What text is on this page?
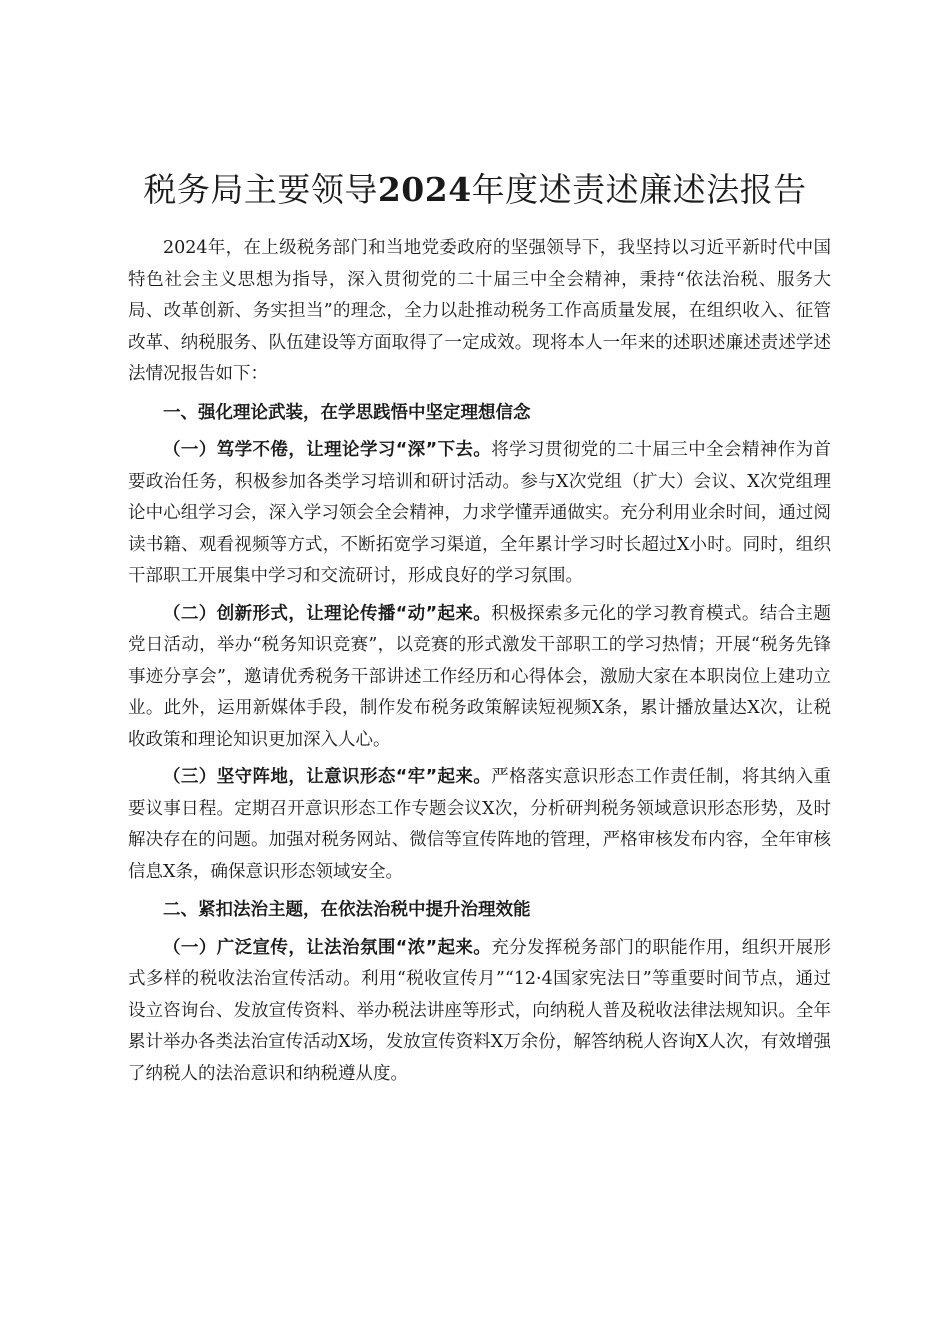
税务局主要领导2024年度述责述廉述法报告

2024年，在上级税务部门和当地党委政府的坚强领导下，我坚持以习近平新时代中国特色社会主义思想为指导，深入贯彻党的二十届三中全会精神，秉持“依法治税、服务大局、改革创新、务实担当”的理念，全力以赴推动税务工作高质量发展，在组织收入、征管改革、纳税服务、队伍建设等方面取得了一定成效。现将本人一年来的述职述廉述责述学述法情况报告如下：

一、强化理论武装，在学思践悟中坚定理想信念

（一）笃学不倦，让理论学习“深”下去。将学习贯彻党的二十届三中全会精神作为首要政治任务，积极参加各类学习培训和研讨活动。参与X次党组（扩大）会议、X次党组理论中心组学习会，深入学习领会全会精神，力求学懂弄通做实。充分利用业余时间，通过阅读书籍、观看视频等方式，不断拓宽学习渠道，全年累计学习时长超过X小时。同时，组织干部职工开展集中学习和交流研讨，形成良好的学习氛围。

（二）创新形式，让理论传播“动”起来。积极探索多元化的学习教育模式。结合主题党日活动，举办“税务知识竞赛”，以竞赛的形式激发干部职工的学习热情；开展“税务先锋事迹分享会”，邀请优秀税务干部讲述工作经历和心得体会，激励大家在本职岗位上建功立业。此外，运用新媒体手段，制作发布税务政策解读短视频X条，累计播放量达X次，让税收政策和理论知识更加深入人心。

（三）坚守阵地，让意识形态“牢”起来。严格落实意识形态工作责任制，将其纳入重要议事日程。定期召开意识形态工作专题会议X次，分析研判税务领域意识形态形势，及时解决存在的问题。加强对税务网站、微信等宣传阵地的管理，严格审核发布内容，全年审核信息X条，确保意识形态领域安全。

二、紧扣法治主题，在依法治税中提升治理效能

（一）广泛宣传，让法治氛围“浓”起来。充分发挥税务部门的职能作用，组织开展形式多样的税收法治宣传活动。利用“税收宣传月”“12·4国家宪法日”等重要时间节点，通过设立咨询台、发放宣传资料、举办税法讲座等形式，向纳税人普及税收法律法规知识。全年累计举办各类法治宣传活动X场，发放宣传资料X万余份，解答纳税人咨询X人次，有效增强了纳税人的法治意识和纳税遵从度。
